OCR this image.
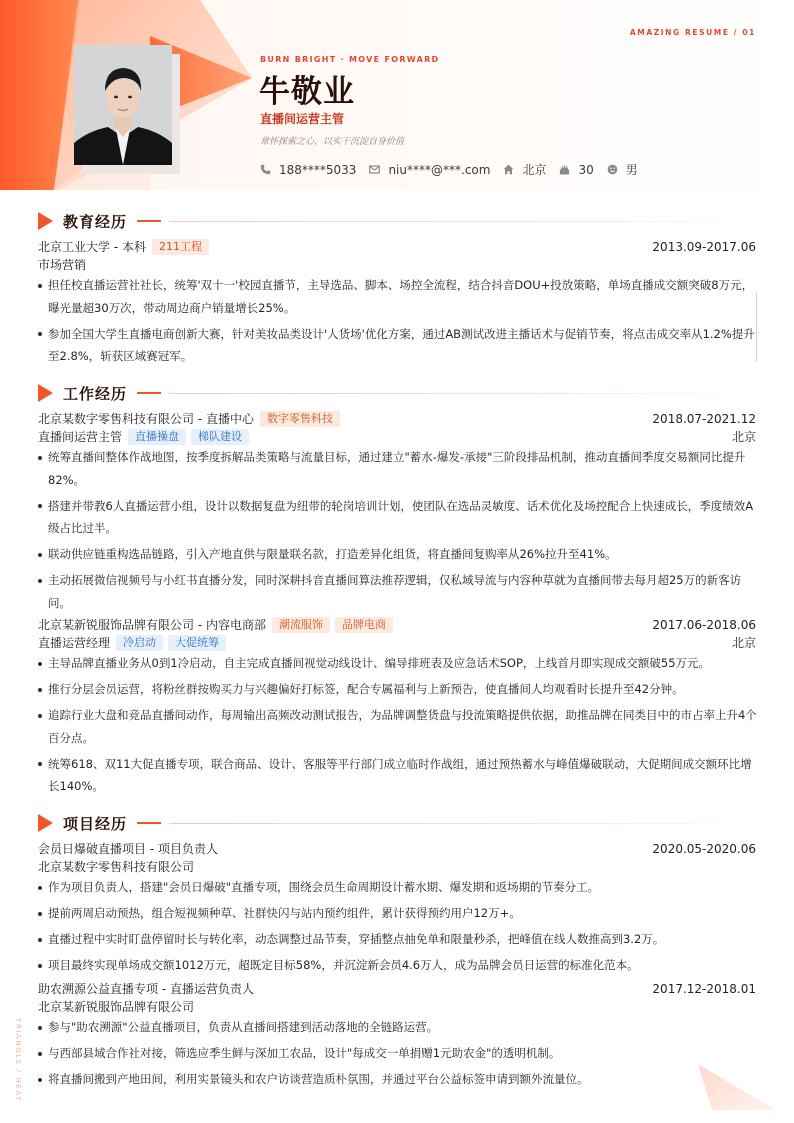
AMAZING RESUME / 01
TRIANGLE / HEAT
BURN BRIGHT · MOVE FORWARD
牛敬业
直播间运营主管
常怀探索之心，以实干沉淀自身价值
188****5033	niu****@***.com	北京	30	男
教育经历
北京工业大学 - 本科	211工程	2013.09-2017.06
市场营销
担任校直播运营社社长，统筹'双十一'校园直播节，主导选品、脚本、场控全流程，结合抖音DOU+投放策略，单场直播成交额突破8万元，曝光量超30万次，带动周边商户销量增长25%。
参加全国大学生直播电商创新大赛，针对美妆品类设计'人货场'优化方案，通过AB测试改进主播话术与促销节奏，将点击成交率从1.2%提升至2.8%，斩获区域赛冠军。
工作经历
北京某数字零售科技有限公司 - 直播中心	数字零售科技	2018.07-2021.12
直播间运营主管	直播操盘	梯队建设	北京
统筹直播间整体作战地图，按季度拆解品类策略与流量目标，通过建立"蓄水-爆发-承接"三阶段排品机制，推动直播间季度交易额同比提升82%。
搭建并带教6人直播运营小组，设计以数据复盘为纽带的轮岗培训计划，使团队在选品灵敏度、话术优化及场控配合上快速成长，季度绩效A级占比过半。
联动供应链重构选品链路，引入产地直供与限量联名款，打造差异化组货，将直播间复购率从26%拉升至41%。
主动拓展微信视频号与小红书直播分发，同时深耕抖音直播间算法推荐逻辑，仅私域导流与内容种草就为直播间带去每月超25万的新客访问。
北京某新锐服饰品牌有限公司 - 内容电商部	潮流服饰	品牌电商	2017.06-2018.06
直播运营经理	冷启动	大促统筹	北京
主导品牌直播业务从0到1冷启动，自主完成直播间视觉动线设计、编导排班表及应急话术SOP，上线首月即实现成交额破55万元。
推行分层会员运营，将粉丝群按购买力与兴趣偏好打标签，配合专属福利与上新预告，使直播间人均观看时长提升至42分钟。
追踪行业大盘和竞品直播间动作，每周输出高频改动测试报告，为品牌调整货盘与投流策略提供依据，助推品牌在同类目中的市占率上升4个百分点。
统筹618、双11大促直播专项，联合商品、设计、客服等平行部门成立临时作战组，通过预热蓄水与峰值爆破联动，大促期间成交额环比增长140%。
项目经历
会员日爆破直播项目 - 项目负责人	2020.05-2020.06
北京某数字零售科技有限公司
作为项目负责人，搭建"会员日爆破"直播专项，围绕会员生命周期设计蓄水期、爆发期和返场期的节奏分工。
提前两周启动预热，组合短视频种草、社群快闪与站内预约组件，累计获得预约用户12万+。
直播过程中实时盯盘停留时长与转化率，动态调整过品节奏，穿插整点抽免单和限量秒杀，把峰值在线人数推高到3.2万。
项目最终实现单场成交额1012万元，超既定目标58%，并沉淀新会员4.6万人，成为品牌会员日运营的标准化范本。
助农溯源公益直播专项 - 直播运营负责人	2017.12-2018.01
北京某新锐服饰品牌有限公司
参与"助农溯源"公益直播项目，负责从直播间搭建到活动落地的全链路运营。
与西部县域合作社对接，筛选应季生鲜与深加工农品，设计"每成交一单捐赠1元助农金"的透明机制。
将直播间搬到产地田间，利用实景镜头和农户访谈营造质朴氛围，并通过平台公益标签申请到额外流量位。
